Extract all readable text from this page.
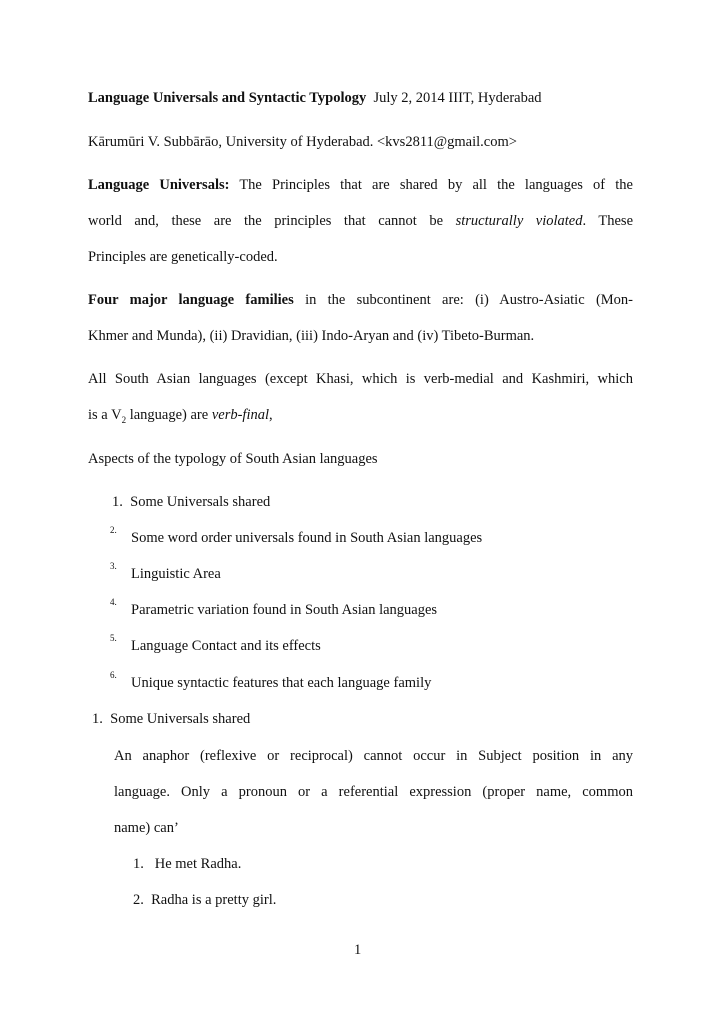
Language Universals and Syntactic Typology July 2, 2014 IIIT, Hyderabad
Kārumūri V. Subbārāo, University of Hyderabad. <kvs2811@gmail.com>
Language Universals: The Principles that are shared by all the languages of the
world and, these are the principles that cannot be structurally violated. These
Principles are genetically-coded.
Four major language families in the subcontinent are: (i) Austro-Asiatic (Mon-
Khmer and Munda), (ii) Dravidian, (iii) Indo-Aryan and (iv) Tibeto-Burman.
All South Asian languages (except Khasi, which is verb-medial and Kashmiri, which
is a $V_2$ language) are verb-final,
Aspects of the typology of South Asian languages
1. Some Universals shared
2. Some word order universals found in South Asian languages
3. Linguistic Area
4. Parametric variation found in South Asian languages
5. Language Contact and its effects
6. Unique syntactic features that each language family
1. Some Universals shared
An anaphor (reflexive or reciprocal) cannot occur in Subject position in any
language. Only a pronoun or a referential expression (proper name, common
name) can’
1. He met Radha.
2. Radha is a pretty girl.
1
